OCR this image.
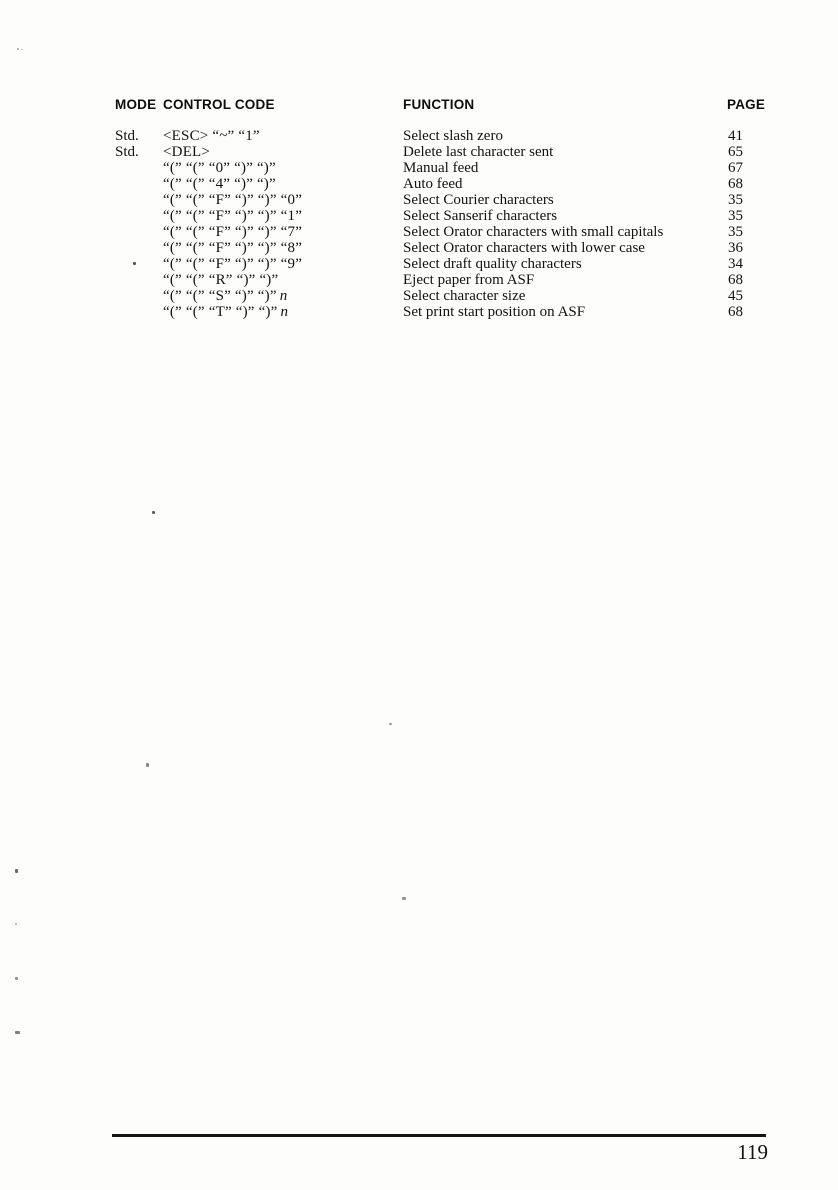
MODE CONTROL CODE	FUNCTION	PAGE
Std. <ESC> “~” “1”	Select slash zero	41
Std. <DEL>	Delete last character sent	65
“(” “(” “0” “)” “)”	Manual feed	67
“(” “(” “4” “)” “)”	Auto feed	68
“(” “(” “F” “)” “)” “0”	Select Courier characters	35
“(” “(” “F” “)” “)” “1”	Select Sanserif characters	35
“(” “(” “F” “)” “)” “7”	Select Orator characters with small capitals	35
“(” “(” “F” “)” “)” “8”	Select Orator characters with lower case	36
“(” “(” “F” “)” “)” “9”	Select draft quality characters	34
“(” “(” “R” “)” “)”	Eject paper from ASF	68
“(” “(” “S” “)” “)” n	Select character size	45
“(” “(” “T” “)” “)” n	Set print start position on ASF	68
119
